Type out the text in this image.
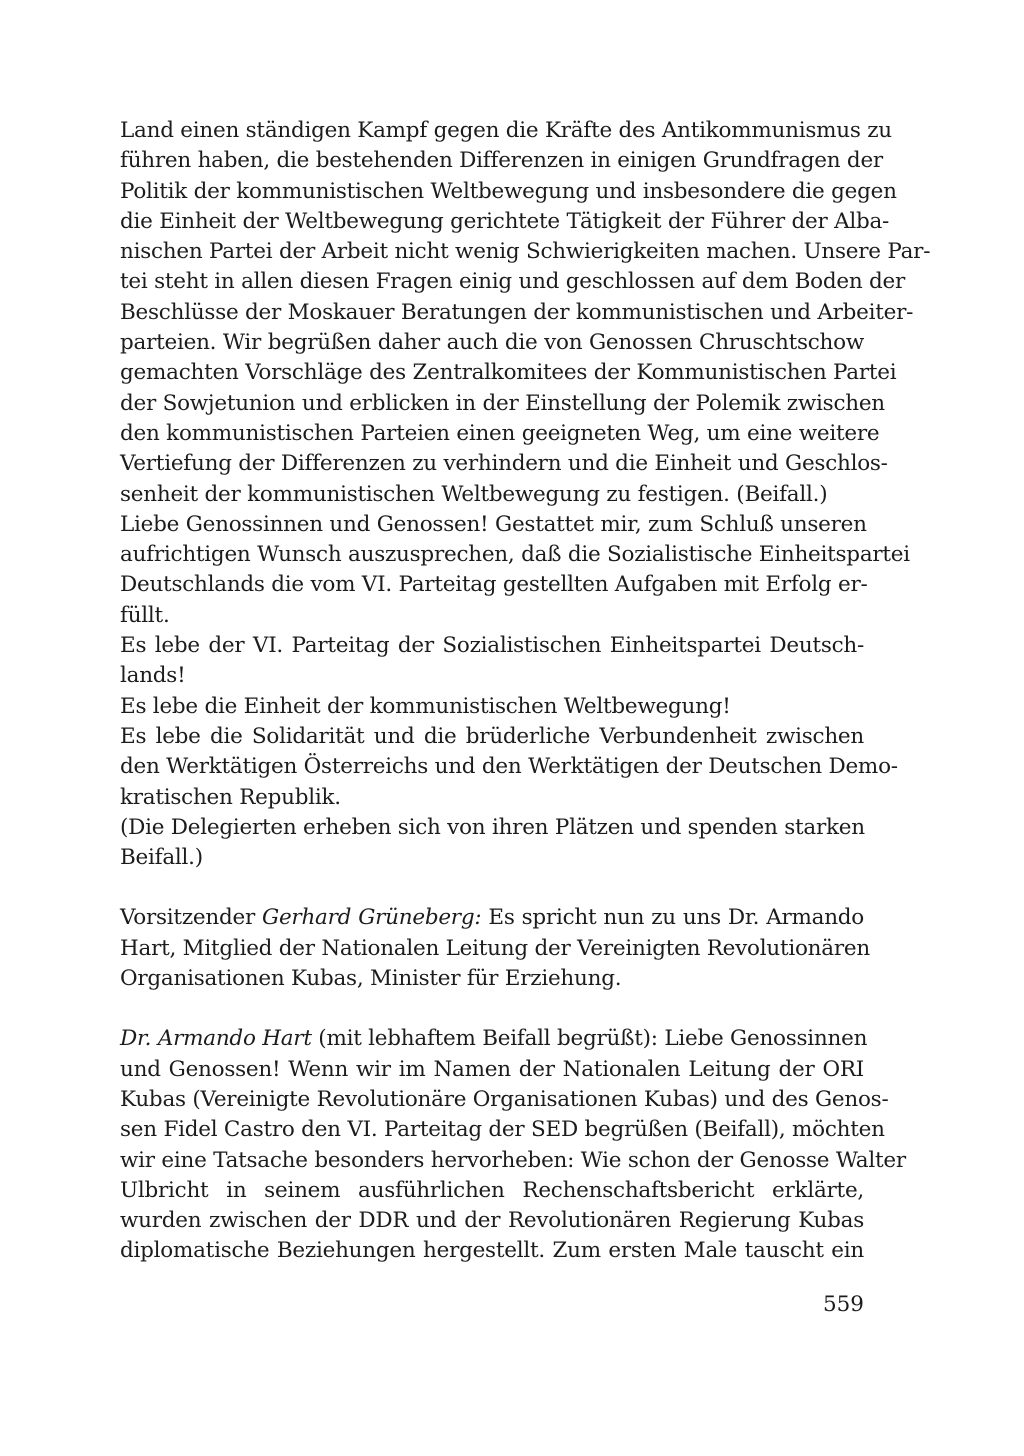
Land einen ständigen Kampf gegen die Kräfte des Antikommunismus zu
führen haben, die bestehenden Differenzen in einigen Grundfragen der
Politik der kommunistischen Weltbewegung und insbesondere die gegen
die Einheit der Weltbewegung gerichtete Tätigkeit der Führer der Alba-
nischen Partei der Arbeit nicht wenig Schwierigkeiten machen. Unsere Par-
tei steht in allen diesen Fragen einig und geschlossen auf dem Boden der
Beschlüsse der Moskauer Beratungen der kommunistischen und Arbeiter-
parteien. Wir begrüßen daher auch die von Genossen Chruschtschow
gemachten Vorschläge des Zentralkomitees der Kommunistischen Partei
der Sowjetunion und erblicken in der Einstellung der Polemik zwischen
den kommunistischen Parteien einen geeigneten Weg, um eine weitere
Vertiefung der Differenzen zu verhindern und die Einheit und Geschlos-
senheit der kommunistischen Weltbewegung zu festigen. (Beifall.)

Liebe Genossinnen und Genossen! Gestattet mir, zum Schluß unseren
aufrichtigen Wunsch auszusprechen, daß die Sozialistische Einheitspartei
Deutschlands die vom VI. Parteitag gestellten Aufgaben mit Erfolg er-
füllt.

Es lebe der VI. Parteitag der Sozialistischen Einheitspartei Deutsch-
lands!

Es lebe die Einheit der kommunistischen Weltbewegung!

Es lebe die Solidarität und die brüderliche Verbundenheit zwischen
den Werktätigen Österreichs und den Werktätigen der Deutschen Demo-
kratischen Republik.

(Die Delegierten erheben sich von ihren Plätzen und spenden starken
Beifall.)

Vorsitzender Gerhard Grüneberg: Es spricht nun zu uns Dr. Armando
Hart, Mitglied der Nationalen Leitung der Vereinigten Revolutionären
Organisationen Kubas, Minister für Erziehung.

Dr. Armando Hart (mit lebhaftem Beifall begrüßt): Liebe Genossinnen
und Genossen! Wenn wir im Namen der Nationalen Leitung der ORI
Kubas (Vereinigte Revolutionäre Organisationen Kubas) und des Genos-
sen Fidel Castro den VI. Parteitag der SED begrüßen (Beifall), möchten
wir eine Tatsache besonders hervorheben: Wie schon der Genosse Walter
Ulbricht in seinem ausführlichen Rechenschaftsbericht erklärte,
wurden zwischen der DDR und der Revolutionären Regierung Kubas
diplomatische Beziehungen hergestellt. Zum ersten Male tauscht ein

559
